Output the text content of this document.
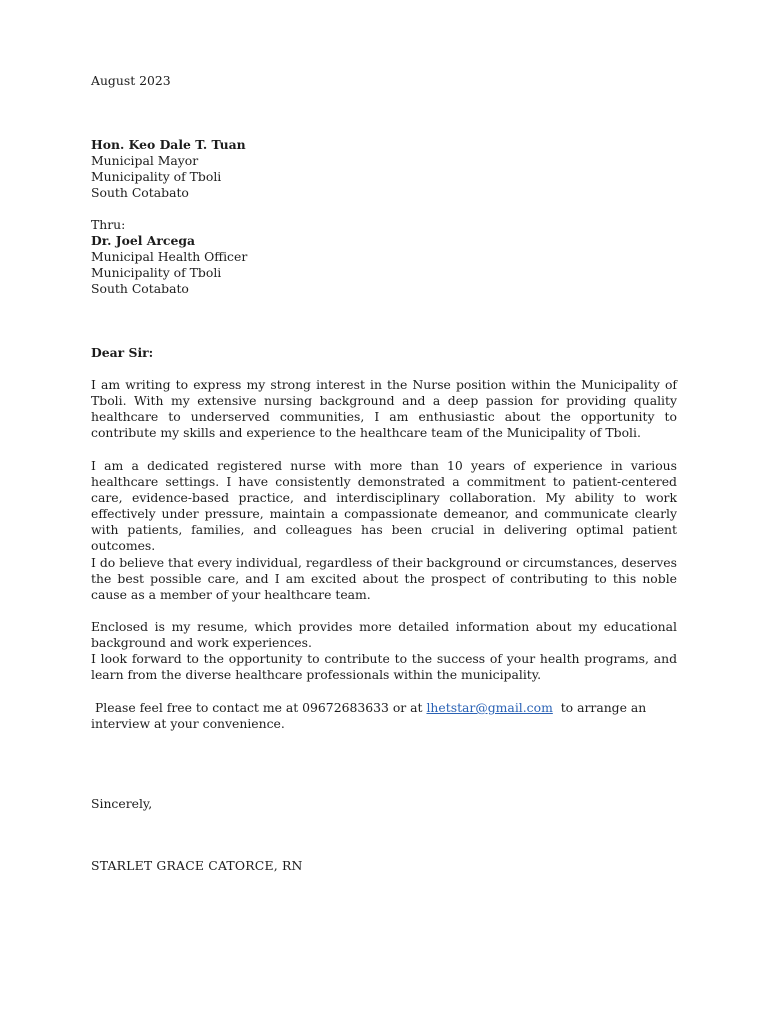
August 2023
Hon. Keo Dale T. Tuan
Municipal Mayor
Municipality of Tboli
South Cotabato
Thru:
Dr. Joel Arcega
Municipal Health Officer
Municipality of Tboli
South Cotabato
Dear Sir:

I am writing to express my strong interest in the Nurse position within the Municipality of Tboli. With my extensive nursing background and a deep passion for providing quality healthcare to underserved communities, I am enthusiastic about the opportunity to contribute my skills and experience to the healthcare team of the Municipality of Tboli.

I am a dedicated registered nurse with more than 10 years of experience in various healthcare settings. I have consistently demonstrated a commitment to patient-centered care, evidence-based practice, and interdisciplinary collaboration. My ability to work effectively under pressure, maintain a compassionate demeanor, and communicate clearly with patients, families, and colleagues has been crucial in delivering optimal patient outcomes.

I do believe that every individual, regardless of their background or circumstances, deserves the best possible care, and I am excited about the prospect of contributing to this noble cause as a member of your healthcare team.

Enclosed is my resume, which provides more detailed information about my educational background and work experiences.

I look forward to the opportunity to contribute to the success of your health programs, and learn from the diverse healthcare professionals within the municipality.

Please feel free to contact me at 09672683633 or at lhetstar@gmail.com  to arrange an interview at your convenience.

Sincerely,
STARLET GRACE CATORCE, RN
